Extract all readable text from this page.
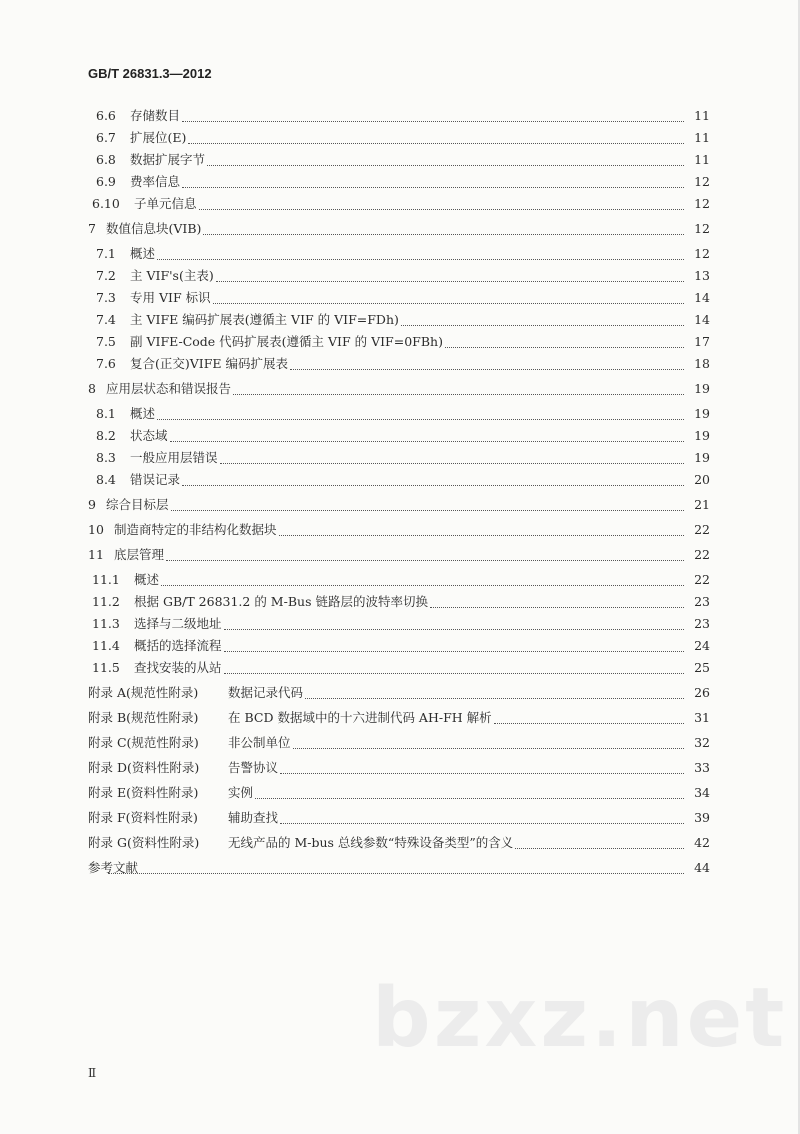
GB/T 26831.3—2012
6.6	存储数目	11
6.7	扩展位(E)	11
6.8	数据扩展字节	11
6.9	费率信息	12
6.10	子单元信息	12
7 数值信息块(VIB)	12
7.1	概述	12
7.2	主 VIF's(主表)	13
7.3	专用 VIF 标识	14
7.4	主 VIFE 编码扩展表(遵循主 VIF 的 VIF=FDh)	14
7.5	副 VIFE-Code 代码扩展表(遵循主 VIF 的 VIF=0FBh)	17
7.6	复合(正交)VIFE 编码扩展表	18
8 应用层状态和错误报告	19
8.1	概述	19
8.2	状态域	19
8.3	一般应用层错误	19
8.4	错误记录	20
9 综合目标层	21
10 制造商特定的非结构化数据块	22
11 底层管理	22
11.1	概述	22
11.2	根据 GB/T 26831.2 的 M-Bus 链路层的波特率切换	23
11.3	选择与二级地址	23
11.4	概括的选择流程	24
11.5	查找安装的从站	25
附录 A(规范性附录)	数据记录代码	26
附录 B(规范性附录)	在 BCD 数据域中的十六进制代码 AH-FH 解析	31
附录 C(规范性附录)	非公制单位	32
附录 D(资料性附录)	告警协议	33
附录 E(资料性附录)	实例	34
附录 F(资料性附录)	辅助查找	39
附录 G(资料性附录)	无线产品的 M-bus 总线参数“特殊设备类型”的含义	42
参考文献	44
Ⅱ
bzxz.net
